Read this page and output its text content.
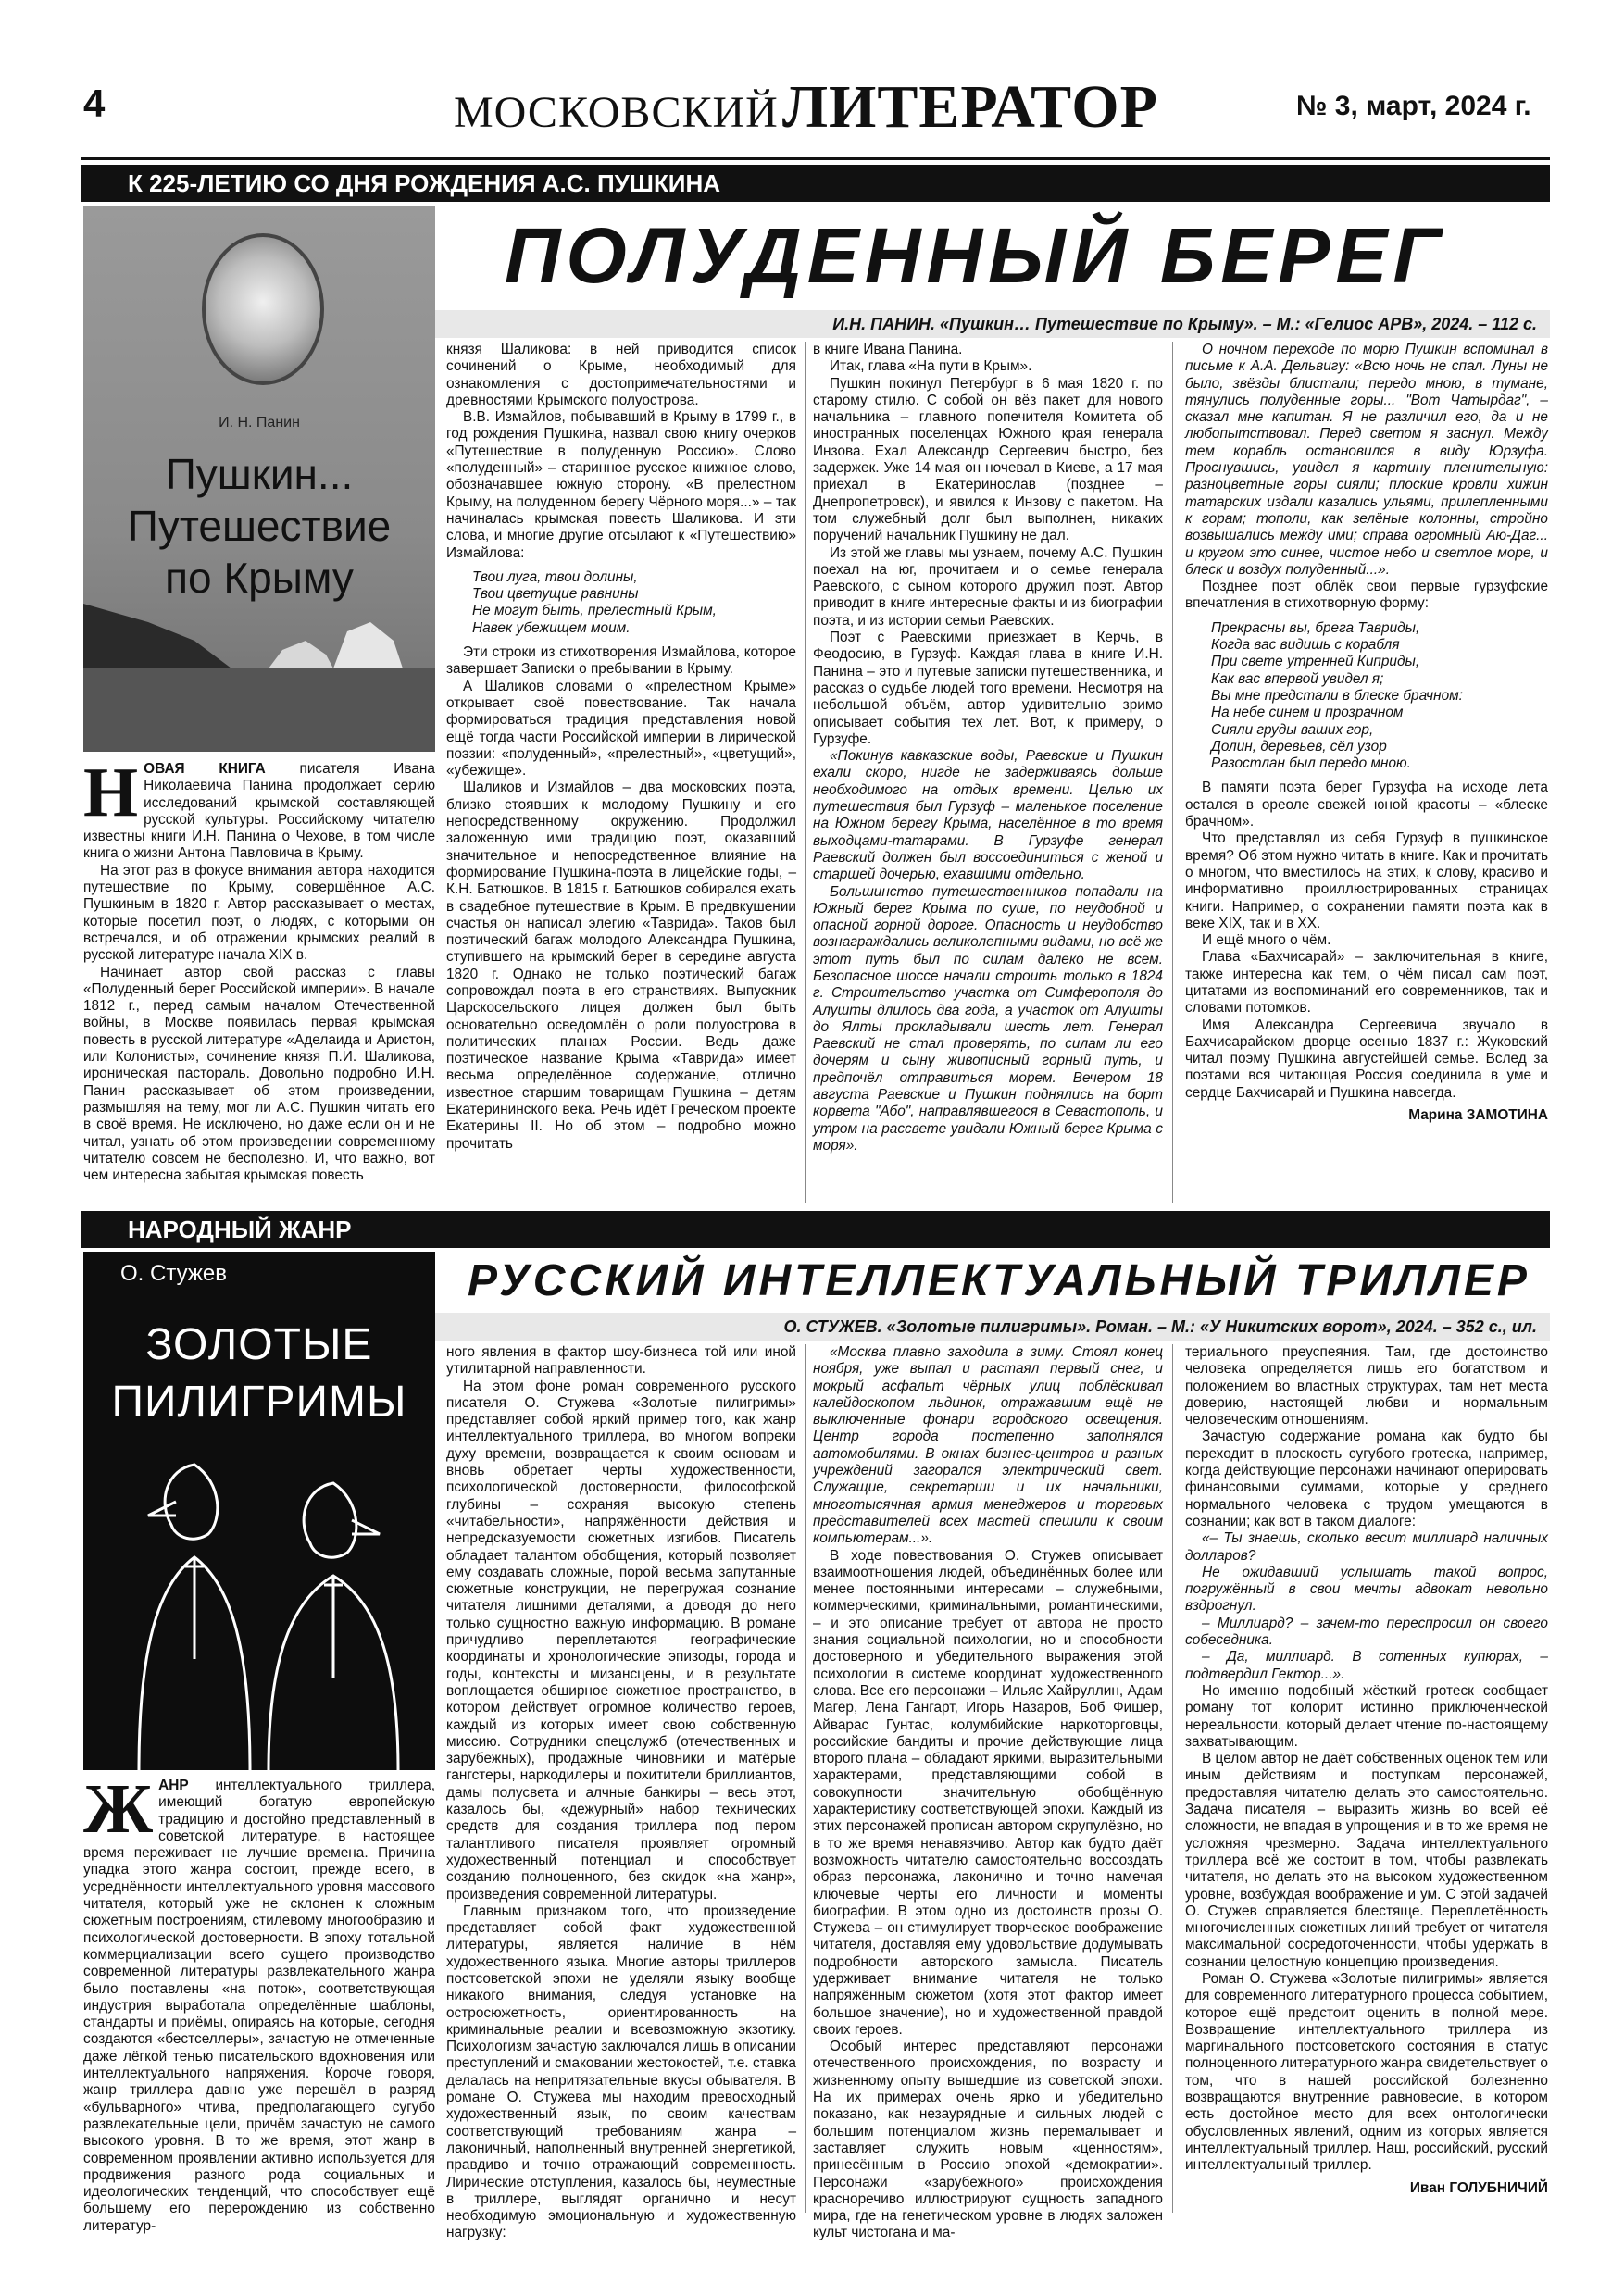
4	МОСКОВСКИЙ ЛИТЕРАТОР	№ 3, март, 2024 г.
К 225-ЛЕТИЮ СО ДНЯ РОЖДЕНИЯ А.С. ПУШКИНА
И. Н. Панин
Пушкин...
Путешествие
по Крыму
ПОЛУДЕННЫЙ БЕРЕГ
И.Н. ПАНИН. «Пушкин… Путешествие по Крыму». – М.: «Гелиос АРВ», 2024. – 112 с.

НОВАЯ КНИГА писателя Ивана Николаевича Панина продолжает серию исследований крымской составляющей русской культуры. Российскому читателю известны книги И.Н. Панина о Чехове, в том числе книга о жизни Антона Павловича в Крыму.

На этот раз в фокусе внимания автора находится путешествие по Крыму, совершённое А.С. Пушкиным в 1820 г. Автор рассказывает о местах, которые посетил поэт, о людях, с которыми он встречался, и об отражении крымских реалий в русской литературе начала XIX в.

Начинает автор свой рассказ с главы «Полуденный берег Российской империи». В начале 1812 г., перед самым началом Отечественной войны, в Москве появилась первая крымская повесть в русской литературе «Аделаида и Аристон, или Колонисты», сочинение князя П.И. Шаликова, ироническая пастораль. Довольно подробно И.Н. Панин рассказывает об этом произведении, размышляя на тему, мог ли А.С. Пушкин читать его в своё время. Не исключено, но даже если он и не читал, узнать об этом произведении современному читателю совсем не бесполезно. И, что важно, вот чем интересна забытая крымская повесть

князя Шаликова: в ней приводится список сочинений о Крыме, необходимый для ознакомления с достопримечательностями и древностями Крымского полуострова.

В.В. Измайлов, побывавший в Крыму в 1799 г., в год рождения Пушкина, назвал свою книгу очерков «Путешествие в полуденную Россию». Слово «полуденный» – старинное русское книжное слово, обозначавшее южную сторону. «В прелестном Крыму, на полуденном берегу Чёрного моря...» – так начиналась крымская повесть Шаликова. И эти слова, и многие другие отсылают к «Путешествию» Измайлова:

Твои луга, твои долины,
Твои цветущие равнины
Не могут быть, прелестный Крым,
Навек убежищем моим.

Эти строки из стихотворения Измайлова, которое завершает Записки о пребывании в Крыму.

А Шаликов словами о «прелестном Крыме» открывает своё повествование. Так начала формироваться традиция представления новой ещё тогда части Российской империи в лирической поэзии: «полуденный», «прелестный», «цветущий», «убежище».

Шаликов и Измайлов – два московских поэта, близко стоявших к молодому Пушкину и его непосредственному окружению. Продолжил заложенную ими традицию поэт, оказавший значительное и непосредственное влияние на формирование Пушкина-поэта в лицейские годы, – К.Н. Батюшков. В 1815 г. Батюшков собирался ехать в свадебное путешествие в Крым. В предвкушении счастья он написал элегию «Таврида». Таков был поэтический багаж молодого Александра Пушкина, ступившего на крымский берег в середине августа 1820 г. Однако не только поэтический багаж сопровождал поэта в его странствиях. Выпускник Царскосельского лицея должен был быть основательно осведомлён о роли полуострова в политических планах России. Ведь даже поэтическое название Крыма «Таврида» имеет весьма определённое содержание, отлично известное старшим товарищам Пушкина – детям Екатерининского века. Речь идёт Греческом проекте Екатерины II. Но об этом – подробно можно прочитать

в книге Ивана Панина.

Итак, глава «На пути в Крым».

Пушкин покинул Петербург в 6 мая 1820 г. по старому стилю. С собой он вёз пакет для нового начальника – главного попечителя Комитета об иностранных поселенцах Южного края генерала Инзова. Ехал Александр Сергеевич быстро, без задержек. Уже 14 мая он ночевал в Киеве, а 17 мая приехал в Екатеринослав (позднее – Днепропетровск), и явился к Инзову с пакетом. На том служебный долг был выполнен, никаких поручений начальник Пушкину не дал.

Из этой же главы мы узнаем, почему А.С. Пушкин поехал на юг, прочитаем и о семье генерала Раевского, с сыном которого дружил поэт. Автор приводит в книге интересные факты и из биографии поэта, и из истории семьи Раевских.

Поэт с Раевскими приезжает в Керчь, в Феодосию, в Гурзуф. Каждая глава в книге И.Н. Панина – это и путевые записки путешественника, и рассказ о судьбе людей того времени. Несмотря на небольшой объём, автор удивительно зримо описывает события тех лет. Вот, к примеру, о Гурзуфе.

«Покинув кавказские воды, Раевские и Пушкин ехали скоро, нигде не задерживаясь дольше необходимого на отдых времени. Целью их путешествия был Гурзуф – маленькое поселение на Южном берегу Крыма, населённое в то время выходцами-татарами. В Гурзуфе генерал Раевский должен был воссоединиться с женой и старшей дочерью, ехавшими отдельно.

Большинство путешественников попадали на Южный берег Крыма по суше, по неудобной и опасной горной дороге. Опасность и неудобство вознаграждались великолепными видами, но всё же этот путь был по силам далеко не всем. Безопасное шоссе начали строить только в 1824 г. Строительство участка от Симферополя до Алушты длилось два года, а участок от Алушты до Ялты прокладывали шесть лет. Генерал Раевский не стал проверять, по силам ли его дочерям и сыну живописный горный путь, и предпочёл отправиться морем. Вечером 18 августа Раевские и Пушкин поднялись на борт корвета "Або", направлявшегося в Севастополь, и утром на рассвете увидали Южный берег Крыма с моря».

О ночном переходе по морю Пушкин вспоминал в письме к А.А. Дельвигу: «Всю ночь не спал. Луны не было, звёзды блистали; передо мною, в тумане, тянулись полуденные горы... "Вот Чатырдаг", – сказал мне капитан. Я не различил его, да и не любопытствовал. Перед светом я заснул. Между тем корабль остановился в виду Юрзуфа. Проснувшись, увидел я картину пленительную: разноцветные горы сияли; плоские кровли хижин татарских издали казались ульями, прилепленными к горам; тополи, как зелёные колонны, стройно возвышались между ими; справа огромный Аю-Даг... и кругом это синее, чистое небо и светлое море, и блеск и воздух полуденный...».

Позднее поэт облёк свои первые гурзуфские впечатления в стихотворную форму:

Прекрасны вы, брега Тавриды,
Когда вас видишь с корабля
При свете утренней Киприды,
Как вас впервой увидел я;
Вы мне предстали в блеске брачном:
На небе синем и прозрачном
Сияли груды ваших гор,
Долин, деревьев, сёл узор
Разостлан был передо мною.

В памяти поэта берег Гурзуфа на исходе лета остался в ореоле свежей юной красоты – «блеске брачном».

Что представлял из себя Гурзуф в пушкинское время? Об этом нужно читать в книге. Как и прочитать о многом, что вместилось на этих, к слову, красиво и информативно проиллюстрированных страницах книги. Например, о сохранении памяти поэта как в веке XIX, так и в XX.

И ещё много о чём.

Глава «Бахчисарай» – заключительная в книге, также интересна как тем, о чём писал сам поэт, цитатами из воспоминаний его современников, так и словами потомков.

Имя Александра Сергеевича звучало в Бахчисарайском дворце осенью 1837 г.: Жуковский читал поэму Пушкина августейшей семье. Вслед за поэтами вся читающая Россия соединила в уме и сердце Бахчисарай и Пушкина навсегда.

Марина ЗАМОТИНА

НАРОДНЫЙ ЖАНР
О. Стужев
ЗОЛОТЫЕ
ПИЛИГРИМЫ
РУССКИЙ ИНТЕЛЛЕКТУАЛЬНЫЙ ТРИЛЛЕР
О. СТУЖЕВ. «Золотые пилигримы». Роман. – М.: «У Никитских ворот», 2024. – 352 с., ил.

ЖАНР интеллектуального триллера, имеющий богатую европейскую традицию и достойно представленный в советской литературе, в настоящее время переживает не лучшие времена. Причина упадка этого жанра состоит, прежде всего, в усреднённости интеллектуального уровня массового читателя, который уже не склонен к сложным сюжетным построениям, стилевому многообразию и психологической достоверности. В эпоху тотальной коммерциализации всего сущего производство современной литературы развлекательного жанра было поставлены «на поток», соответствующая индустрия выработала определённые шаблоны, стандарты и приёмы, опираясь на которые, сегодня создаются «бестселлеры», зачастую не отмеченные даже лёгкой тенью писательского вдохновения или интеллектуального напряжения. Короче говоря, жанр триллера давно уже перешёл в разряд «бульварного» чтива, предполагающего сугубо развлекательные цели, причём зачастую не самого высокого уровня. В то же время, этот жанр в современном проявлении активно используется для продвижения разного рода социальных и идеологических тенденций, что способствует ещё большему его перерождению из собственно литератур-

ного явления в фактор шоу-бизнеса той или иной утилитарной направленности.

На этом фоне роман современного русского писателя О. Стужева «Золотые пилигримы» представляет собой яркий пример того, как жанр интеллектуального триллера, во многом вопреки духу времени, возвращается к своим основам и вновь обретает черты художественности, психологической достоверности, философской глубины – сохраняя высокую степень «читабельности», напряжённости действия и непредсказуемости сюжетных изгибов. Писатель обладает талантом обобщения, который позволяет ему создавать сложные, порой весьма запутанные сюжетные конструкции, не перегружая сознание читателя лишними деталями, а доводя до него только сущностно важную информацию. В романе причудливо переплетаются географические координаты и хронологические эпизоды, города и годы, контексты и мизансцены, и в результате воплощается обширное сюжетное пространство, в котором действует огромное количество героев, каждый из которых имеет свою собственную миссию. Сотрудники спецслужб (отечественных и зарубежных), продажные чиновники и матёрые гангстеры, наркодилеры и похитители бриллиантов, дамы полусвета и алчные банкиры – весь этот, казалось бы, «дежурный» набор технических средств для создания триллера под пером талантливого писателя проявляет огромный художественный потенциал и способствует созданию полноценного, без скидок «на жанр», произведения современной литературы.

Главным признаком того, что произведение представляет собой факт художественной литературы, является наличие в нём художественного языка. Многие авторы триллеров постсоветской эпохи не уделяли языку вообще никакого внимания, следуя установке на остросюжетность, ориентированность на криминальные реалии и всевозможную экзотику. Психологизм зачастую заключался лишь в описании преступлений и смаковании жестокостей, т.е. ставка делалась на непритязательные вкусы обывателя. В романе О. Стужева мы находим превосходный художественный язык, по своим качествам соответствующий требованиям жанра – лаконичный, наполненный внутренней энергетикой, правдиво и точно отражающий современность. Лирические отступления, казалось бы, неуместные в триллере, выглядят органично и несут необходимую эмоциональную и художественную нагрузку:

«Москва плавно заходила в зиму. Стоял конец ноября, уже выпал и растаял первый снег, и мокрый асфальт чёрных улиц поблёскивал калейдоскопом льдинок, отражавшим ещё не выключенные фонари городского освещения. Центр города постепенно заполнялся автомобилями. В окнах бизнес-центров и разных учреждений загорался электрический свет. Служащие, секретарши и их начальники, многотысячная армия менеджеров и торговых представителей всех мастей спешили к своим компьютерам...».

В ходе повествования О. Стужев описывает взаимоотношения людей, объединённых более или менее постоянными интересами – служебными, коммерческими, криминальными, романтическими, – и это описание требует от автора не просто знания социальной психологии, но и способности достоверного и убедительного выражения этой психологии в системе координат художественного слова. Все его персонажи – Ильяс Хайруллин, Адам Магер, Лена Гангарт, Игорь Назаров, Боб Фишер, Айварас Гунтас, колумбийские наркоторговцы, российские бандиты и прочие действующие лица второго плана – обладают яркими, выразительными характерами, представляющими собой в совокупности значительную обобщённую характеристику соответствующей эпохи. Каждый из этих персонажей прописан автором скрупулёзно, но в то же время ненавязчиво. Автор как будто даёт возможность читателю самостоятельно воссоздать образ персонажа, лаконично и точно намечая ключевые черты его личности и моменты биографии. В этом одно из достоинств прозы О. Стужева – он стимулирует творческое воображение читателя, доставляя ему удовольствие додумывать подробности авторского замысла. Писатель удерживает внимание читателя не только напряжённым сюжетом (хотя этот фактор имеет большое значение), но и художественной правдой своих героев.

Особый интерес представляют персонажи отечественного происхождения, по возрасту и жизненному опыту вышедшие из советской эпохи. На их примерах очень ярко и убедительно показано, как незаурядные и сильных людей с большим потенциалом жизнь перемалывает и заставляет служить новым «ценностям», принесённым в Россию эпохой «демократии». Персонажи «зарубежного» происхождения красноречиво иллюстрируют сущность западного мира, где на генетическом уровне в людях заложен культ чистогана и ма-

териального преуспеяния. Там, где достоинство человека определяется лишь его богатством и положением во властных структурах, там нет места доверию, настоящей любви и нормальным человеческим отношениям.

Зачастую содержание романа как будто бы переходит в плоскость сугубого гротеска, например, когда действующие персонажи начинают оперировать финансовыми суммами, которые у среднего нормального человека с трудом умещаются в сознании; как вот в таком диалоге:

«– Ты знаешь, сколько весит миллиард наличных долларов?

Не ожидавший услышать такой вопрос, погружённый в свои мечты адвокат невольно вздрогнул.

– Миллиард? – зачем-то переспросил он своего собеседника.

– Да, миллиард. В сотенных купюрах, – подтвердил Гектор...».

Но именно подобный жёсткий гротеск сообщает роману тот колорит истинно приключенческой нереальности, который делает чтение по-настоящему захватывающим.

В целом автор не даёт собственных оценок тем или иным действиям и поступкам персонажей, предоставляя читателю делать это самостоятельно. Задача писателя – выразить жизнь во всей её сложности, не впадая в упрощения и в то же время не усложняя чрезмерно. Задача интеллектуального триллера всё же состоит в том, чтобы развлекать читателя, но делать это на высоком художественном уровне, возбуждая воображение и ум. С этой задачей О. Стужев справляется блестяще. Переплетённость многочисленных сюжетных линий требует от читателя максимальной сосредоточенности, чтобы удержать в сознании целостную концепцию произведения.

Роман О. Стужева «Золотые пилигримы» является для современного литературного процесса событием, которое ещё предстоит оценить в полной мере. Возвращение интеллектуального триллера из маргинального постсоветского состояния в статус полноценного литературного жанра свидетельствует о том, что в нашей российской болезненно возвращаются внутренние равновесие, в котором есть достойное место для всех онтологически обусловленных явлений, одним из которых является интеллектуальный триллер. Наш, российский, русский интеллектуальный триллер.

Иван ГОЛУБНИЧИЙ
